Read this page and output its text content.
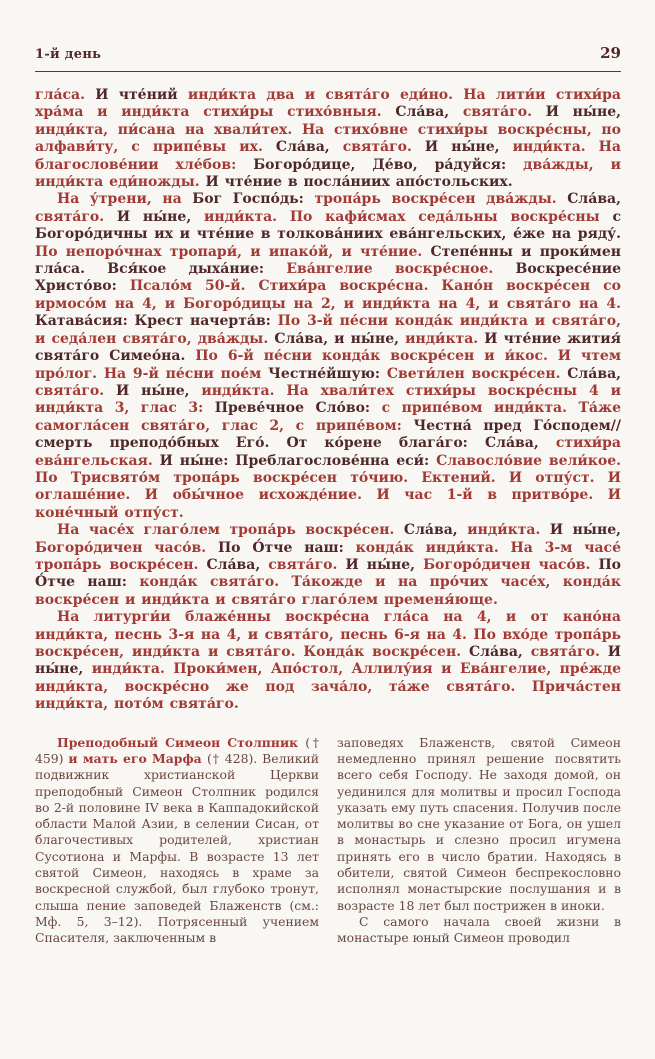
1-й день	29

гла́са. И чте́ний инди́кта два и свята́го еди́но. На лити́и стихи́ра хра́ма и инди́кта стихи́ры стихо́вныя. Сла́ва, свята́го. И ны́не, инди́кта, пи́сана на хвали́тех. На стихо́вне стихи́ры воскре́сны, по алфави́ту, с припе́вы их. Сла́ва, свята́го. И ны́не, инди́кта. На благослове́нии хле́бов: Богоро́дице, Де́во, ра́дуйся: два́жды, и инди́кта еди́ножды. И чте́ние в посла́ниих апо́стольских.

На у́трени, на Бог Госпо́дь: тропа́рь воскре́сен два́жды. Сла́ва, свята́го. И ны́не, инди́кта. По кафи́смах седа́льны воскре́сны с Богоро́дичны их и чте́ние в толкова́ниих ева́нгельских, е́же на ряду́. По непоро́чнах тропари́, и ипако́й, и чте́ние. Степе́нны и проки́мен гла́са. Вся́кое дыха́ние: Ева́нгелие воскре́сное. Воскресе́ние Христо́во: Псало́м 50-й. Стихи́ра воскре́сна. Кано́н воскре́сен со ирмосо́м на 4, и Богоро́дицы на 2, и инди́кта на 4, и свята́го на 4. Катава́сия: Крест начерта́в: По 3-й пе́сни конда́к инди́кта и свята́го, и седа́лен свята́го, два́жды. Сла́ва, и ны́не, инди́кта. И чте́ние жития́ свята́го Симео́на. По 6-й пе́сни конда́к воскре́сен и и́кос. И чтем про́лог. На 9-й пе́сни пое́м Честне́йшую: Свети́лен воскре́сен. Сла́ва, свята́го. И ны́не, инди́кта. На хвали́тех стихи́ры воскре́сны 4 и инди́кта 3, глас 3: Преве́чное Сло́во: с припе́вом инди́кта. Та́же самогла́сен свята́го, глас 2, с припе́вом: Честна́ пред Го́сподем// смерть преподо́бных Его́. От ко́рене блага́го: Сла́ва, стихи́ра ева́нгельская. И ны́не: Преблагослове́нна еси́: Славосло́вие вели́кое. По Трисвято́м тропа́рь воскре́сен то́чию. Ектений. И отпу́ст. И оглаше́ние. И обы́чное исхожде́ние. И час 1-й в притво́ре. И коне́чный отпу́ст.

На часе́х глаго́лем тропа́рь воскре́сен. Сла́ва, инди́кта. И ны́не, Богоро́дичен часо́в. По О́тче наш: конда́к инди́кта. На 3-м часе́ тропа́рь воскре́сен. Сла́ва, свята́го. И ны́не, Богоро́дичен часо́в. По О́тче наш: конда́к свята́го. Та́кожде и на про́чих часе́х, конда́к воскре́сен и инди́кта и свята́го глаго́лем пременя́юще.

На литурги́и блаже́нны воскре́сна гла́са на 4, и от кано́на инди́кта, песнь 3-я на 4, и свята́го, песнь 6-я на 4. По вхо́де тропа́рь воскре́сен, инди́кта и свята́го. Конда́к воскре́сен. Сла́ва, свята́го. И ны́не, инди́кта. Проки́мен, Апо́стол, Аллилу́ия и Ева́нгелие, пре́жде инди́кта, воскре́сно же под зача́ло, та́же свята́го. Прича́стен инди́кта, пото́м свята́го.

Преподобный Симеон Столпник († 459) и мать его Марфа († 428). Великий подвижник христианской Церкви преподобный Симеон Столпник родился во 2-й половине IV века в Каппадокийской области Малой Азии, в селении Сисан, от благочестивых родителей, христиан Сусотиона и Марфы. В возрасте 13 лет святой Симеон, находясь в храме за воскресной службой, был глубоко тронут, слыша пение заповедей Блаженств (см.: Мф. 5, 3–12). Потрясенный учением Спасителя, заключенным в

заповедях Блаженств, святой Симеон немедленно принял решение посвятить всего себя Господу. Не заходя домой, он уединился для молитвы и просил Господа указать ему путь спасения. Получив после молитвы во сне указание от Бога, он ушел в монастырь и слезно просил игумена принять его в число братии. Находясь в обители, святой Симеон беспрекословно исполнял монастырские послушания и в возрасте 18 лет был пострижен в иноки.

С самого начала своей жизни в монастыре юный Симеон проводил
